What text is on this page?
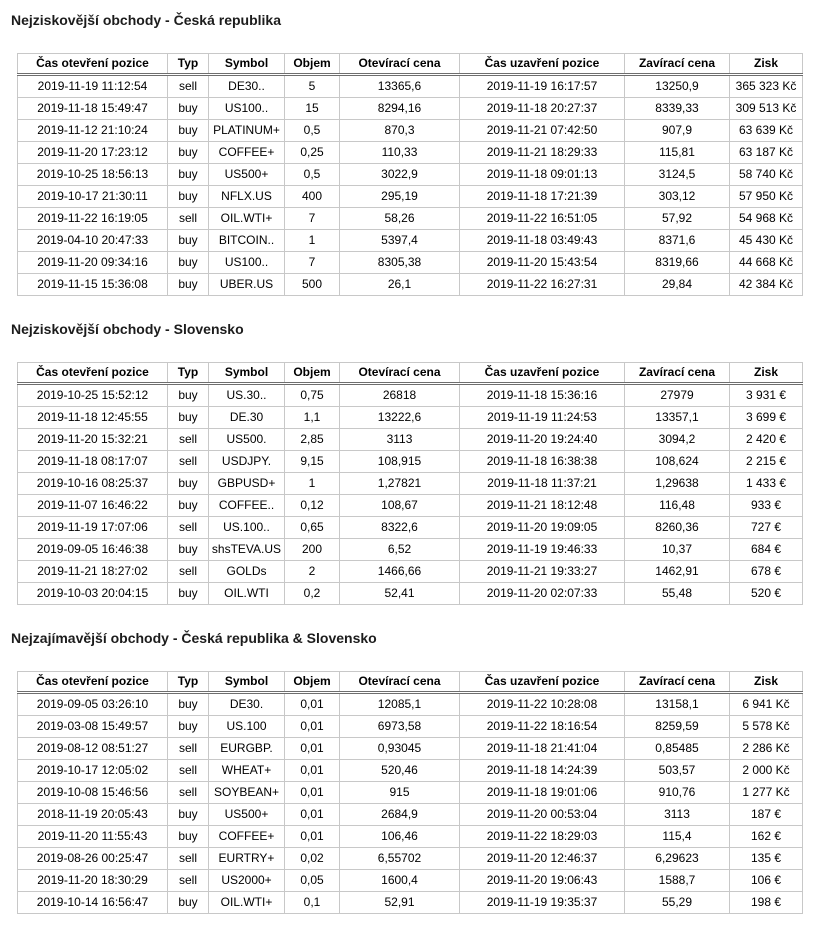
Nejziskovější obchody - Česká republika
Čas otevření pozice	Typ	Symbol	Objem	Otevírací cena	Čas uzavření pozice	Zavírací cena	Zisk
2019-11-19 11:12:54	sell	DE30..	5	13365,6	2019-11-19 16:17:57	13250,9	365 323 Kč
2019-11-18 15:49:47	buy	US100..	15	8294,16	2019-11-18 20:27:37	8339,33	309 513 Kč
2019-11-12 21:10:24	buy	PLATINUM+	0,5	870,3	2019-11-21 07:42:50	907,9	63 639 Kč
2019-11-20 17:23:12	buy	COFFEE+	0,25	110,33	2019-11-21 18:29:33	115,81	63 187 Kč
2019-10-25 18:56:13	buy	US500+	0,5	3022,9	2019-11-18 09:01:13	3124,5	58 740 Kč
2019-10-17 21:30:11	buy	NFLX.US	400	295,19	2019-11-18 17:21:39	303,12	57 950 Kč
2019-11-22 16:19:05	sell	OIL.WTI+	7	58,26	2019-11-22 16:51:05	57,92	54 968 Kč
2019-04-10 20:47:33	buy	BITCOIN..	1	5397,4	2019-11-18 03:49:43	8371,6	45 430 Kč
2019-11-20 09:34:16	buy	US100..	7	8305,38	2019-11-20 15:43:54	8319,66	44 668 Kč
2019-11-15 15:36:08	buy	UBER.US	500	26,1	2019-11-22 16:27:31	29,84	42 384 Kč
Nejziskovější obchody - Slovensko
Čas otevření pozice	Typ	Symbol	Objem	Otevírací cena	Čas uzavření pozice	Zavírací cena	Zisk
2019-10-25 15:52:12	buy	US.30..	0,75	26818	2019-11-18 15:36:16	27979	3 931 €
2019-11-18 12:45:55	buy	DE.30	1,1	13222,6	2019-11-19 11:24:53	13357,1	3 699 €
2019-11-20 15:32:21	sell	US500.	2,85	3113	2019-11-20 19:24:40	3094,2	2 420 €
2019-11-18 08:17:07	sell	USDJPY.	9,15	108,915	2019-11-18 16:38:38	108,624	2 215 €
2019-10-16 08:25:37	buy	GBPUSD+	1	1,27821	2019-11-18 11:37:21	1,29638	1 433 €
2019-11-07 16:46:22	buy	COFFEE..	0,12	108,67	2019-11-21 18:12:48	116,48	933 €
2019-11-19 17:07:06	sell	US.100..	0,65	8322,6	2019-11-20 19:09:05	8260,36	727 €
2019-09-05 16:46:38	buy	shsTEVA.US	200	6,52	2019-11-19 19:46:33	10,37	684 €
2019-11-21 18:27:02	sell	GOLDs	2	1466,66	2019-11-21 19:33:27	1462,91	678 €
2019-10-03 20:04:15	buy	OIL.WTI	0,2	52,41	2019-11-20 02:07:33	55,48	520 €
Nejzajímavější obchody - Česká republika & Slovensko
Čas otevření pozice	Typ	Symbol	Objem	Otevírací cena	Čas uzavření pozice	Zavírací cena	Zisk
2019-09-05 03:26:10	buy	DE30.	0,01	12085,1	2019-11-22 10:28:08	13158,1	6 941 Kč
2019-03-08 15:49:57	buy	US.100	0,01	6973,58	2019-11-22 18:16:54	8259,59	5 578 Kč
2019-08-12 08:51:27	sell	EURGBP.	0,01	0,93045	2019-11-18 21:41:04	0,85485	2 286 Kč
2019-10-17 12:05:02	sell	WHEAT+	0,01	520,46	2019-11-18 14:24:39	503,57	2 000 Kč
2019-10-08 15:46:56	sell	SOYBEAN+	0,01	915	2019-11-18 19:01:06	910,76	1 277 Kč
2018-11-19 20:05:43	buy	US500+	0,01	2684,9	2019-11-20 00:53:04	3113	187 €
2019-11-20 11:55:43	buy	COFFEE+	0,01	106,46	2019-11-22 18:29:03	115,4	162 €
2019-08-26 00:25:47	sell	EURTRY+	0,02	6,55702	2019-11-20 12:46:37	6,29623	135 €
2019-11-20 18:30:29	sell	US2000+	0,05	1600,4	2019-11-20 19:06:43	1588,7	106 €
2019-10-14 16:56:47	buy	OIL.WTI+	0,1	52,91	2019-11-19 19:35:37	55,29	198 €
